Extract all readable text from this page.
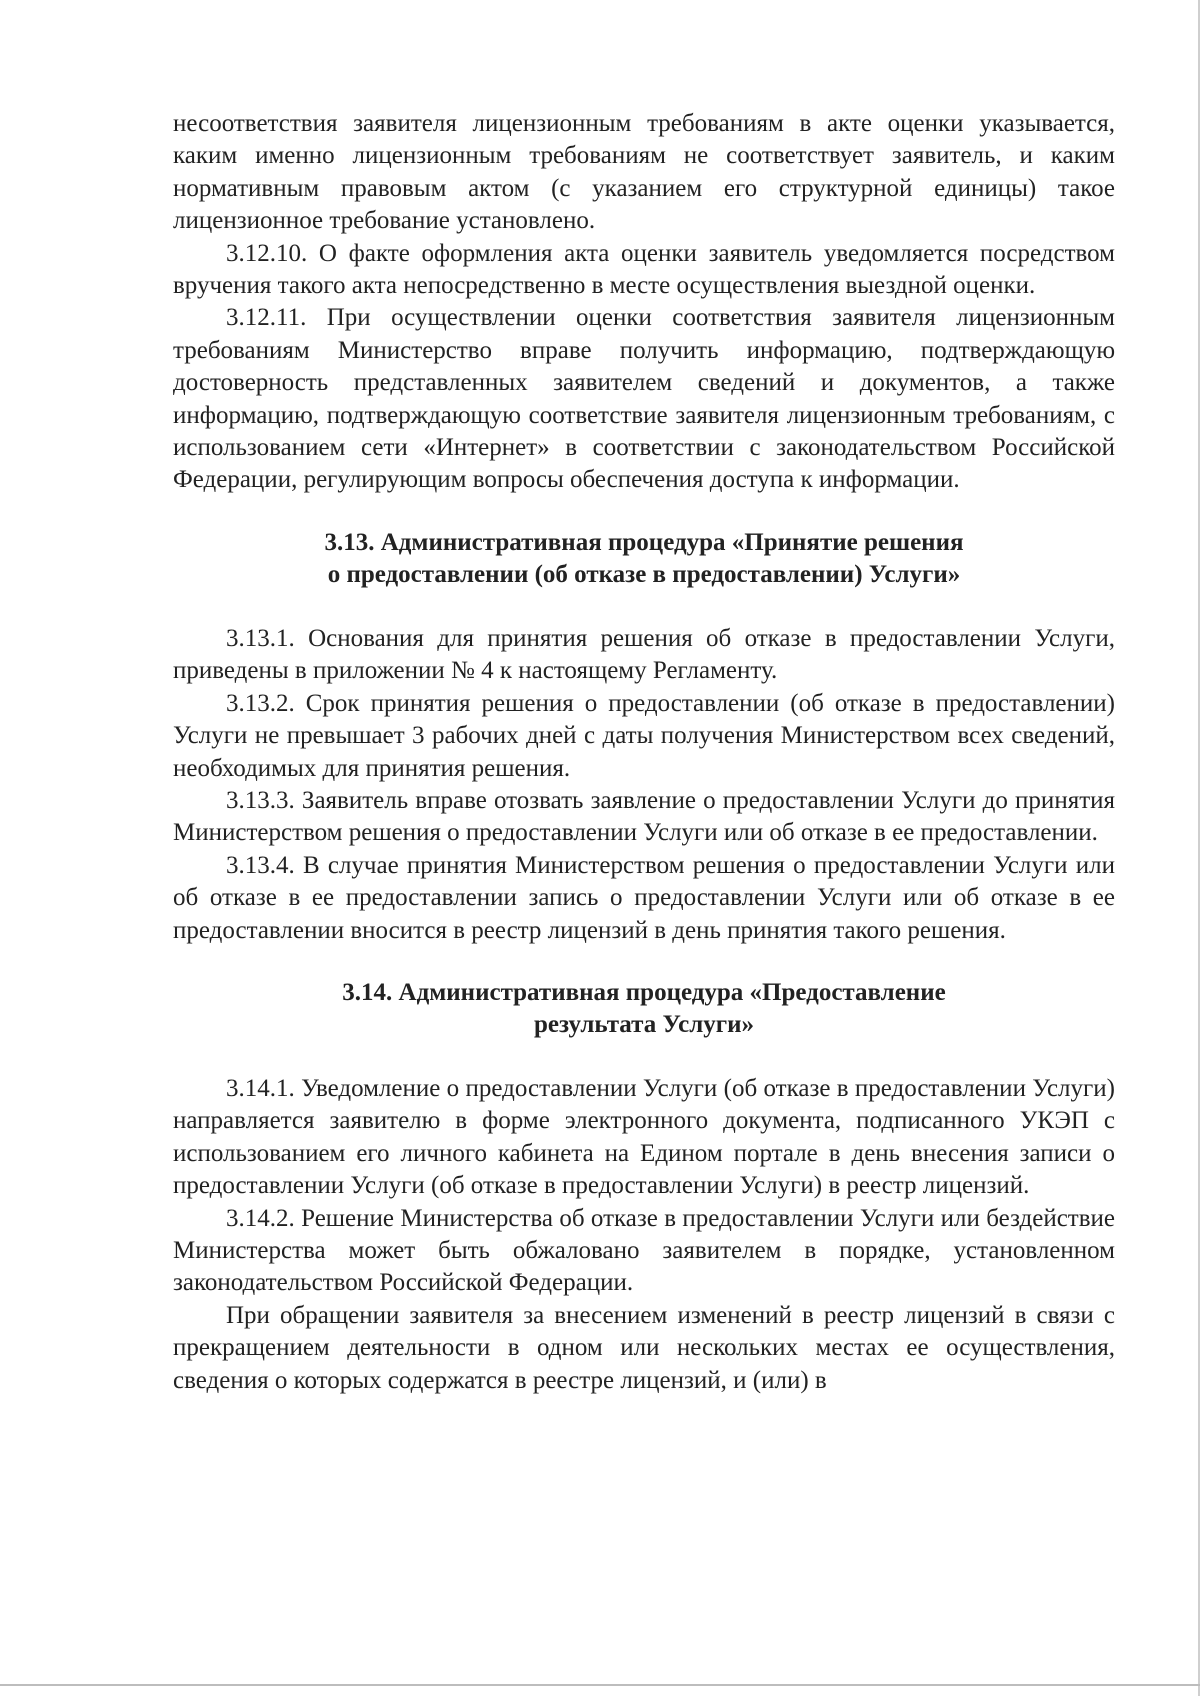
несоответствия заявителя лицензионным требованиям в акте оценки указывается, каким именно лицензионным требованиям не соответствует заявитель, и каким нормативным правовым актом (с указанием его структурной единицы) такое лицензионное требование установлено.

3.12.10. О факте оформления акта оценки заявитель уведомляется посредством вручения такого акта непосредственно в месте осуществления выездной оценки.

3.12.11. При осуществлении оценки соответствия заявителя лицензионным требованиям Министерство вправе получить информацию, подтверждающую достоверность представленных заявителем сведений и документов, а также информацию, подтверждающую соответствие заявителя лицензионным требованиям, с использованием сети «Интернет» в соответствии с законодательством Российской Федерации, регулирующим вопросы обеспечения доступа к информации.

3.13. Административная процедура «Принятие решения
о предоставлении (об отказе в предоставлении) Услуги»

3.13.1. Основания для принятия решения об отказе в предоставлении Услуги, приведены в приложении № 4 к настоящему Регламенту.

3.13.2. Срок принятия решения о предоставлении (об отказе в предоставлении) Услуги не превышает 3 рабочих дней с даты получения Министерством всех сведений, необходимых для принятия решения.

3.13.3. Заявитель вправе отозвать заявление о предоставлении Услуги до принятия Министерством решения о предоставлении Услуги или об отказе в ее предоставлении.

3.13.4. В случае принятия Министерством решения о предоставлении Услуги или об отказе в ее предоставлении запись о предоставлении Услуги или об отказе в ее предоставлении вносится в реестр лицензий в день принятия такого решения.

3.14. Административная процедура «Предоставление
результата Услуги»

3.14.1. Уведомление о предоставлении Услуги (об отказе в предоставлении Услуги) направляется заявителю в форме электронного документа, подписанного УКЭП с использованием его личного кабинета на Едином портале в день внесения записи о предоставлении Услуги (об отказе в предоставлении Услуги) в реестр лицензий.

3.14.2. Решение Министерства об отказе в предоставлении Услуги или бездействие Министерства может быть обжаловано заявителем в порядке, установленном законодательством Российской Федерации.

При обращении заявителя за внесением изменений в реестр лицензий в связи с прекращением деятельности в одном или нескольких местах ее осуществления, сведения о которых содержатся в реестре лицензий, и (или) в
